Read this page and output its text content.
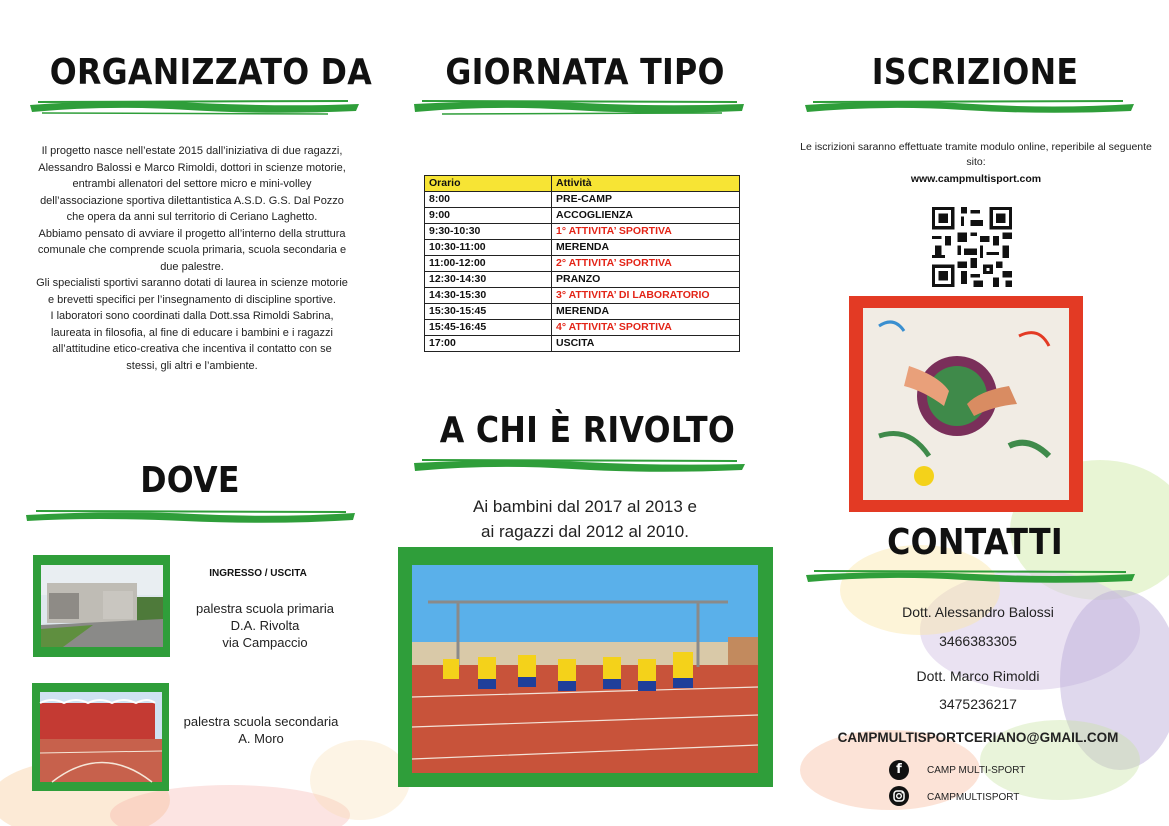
ORGANIZZATO DA

Il progetto nasce nell’estate 2015 dall’iniziativa di due ragazzi, Alessandro Balossi e Marco Rimoldi, dottori in scienze motorie, entrambi allenatori del settore micro e mini-volley dell’associazione sportiva dilettantistica A.S.D. G.S. Dal Pozzo che opera da anni sul territorio di Ceriano Laghetto.

Abbiamo pensato di avviare il progetto all’interno della struttura comunale che comprende scuola primaria, scuola secondaria e due palestre.

Gli specialisti sportivi saranno dotati di laurea in scienze motorie e brevetti specifici per l’insegnamento di discipline sportive.

I laboratori sono coordinati dalla Dott.ssa Rimoldi Sabrina, laureata in filosofia, al fine di educare i bambini e i ragazzi all’attitudine etico-creativa che incentiva il contatto con se stessi, gli altri e l’ambiente.

DOVE
INGRESSO / USCITA
palestra scuola primaria
D.A. Rivolta
via Campaccio
palestra scuola secondaria
A. Moro
GIORNATA TIPO
Orario	Attività
8:00	PRE-CAMP
9:00	ACCOGLIENZA
9:30-10:30	1° ATTIVITA’ SPORTIVA
10:30-11:00	MERENDA
11:00-12:00	2° ATTIVITA’ SPORTIVA
12:30-14:30	PRANZO
14:30-15:30	3° ATTIVITA’ DI LABORATORIO
15:30-15:45	MERENDA
15:45-16:45	4° ATTIVITA’ SPORTIVA
17:00	USCITA
A CHI È RIVOLTO
Ai bambini dal 2017 al 2013 e
ai ragazzi dal 2012 al 2010.
ISCRIZIONE
Le iscrizioni saranno effettuate tramite modulo online, reperibile al seguente sito:
www.campmultisport.com
CONTATTI
Dott. Alessandro Balossi
3466383305
Dott. Marco Rimoldi
3475236217
CAMPMULTISPORTCERIANO@GMAIL.COM
f	CAMP MULTI-SPORT
CAMPMULTISPORT
